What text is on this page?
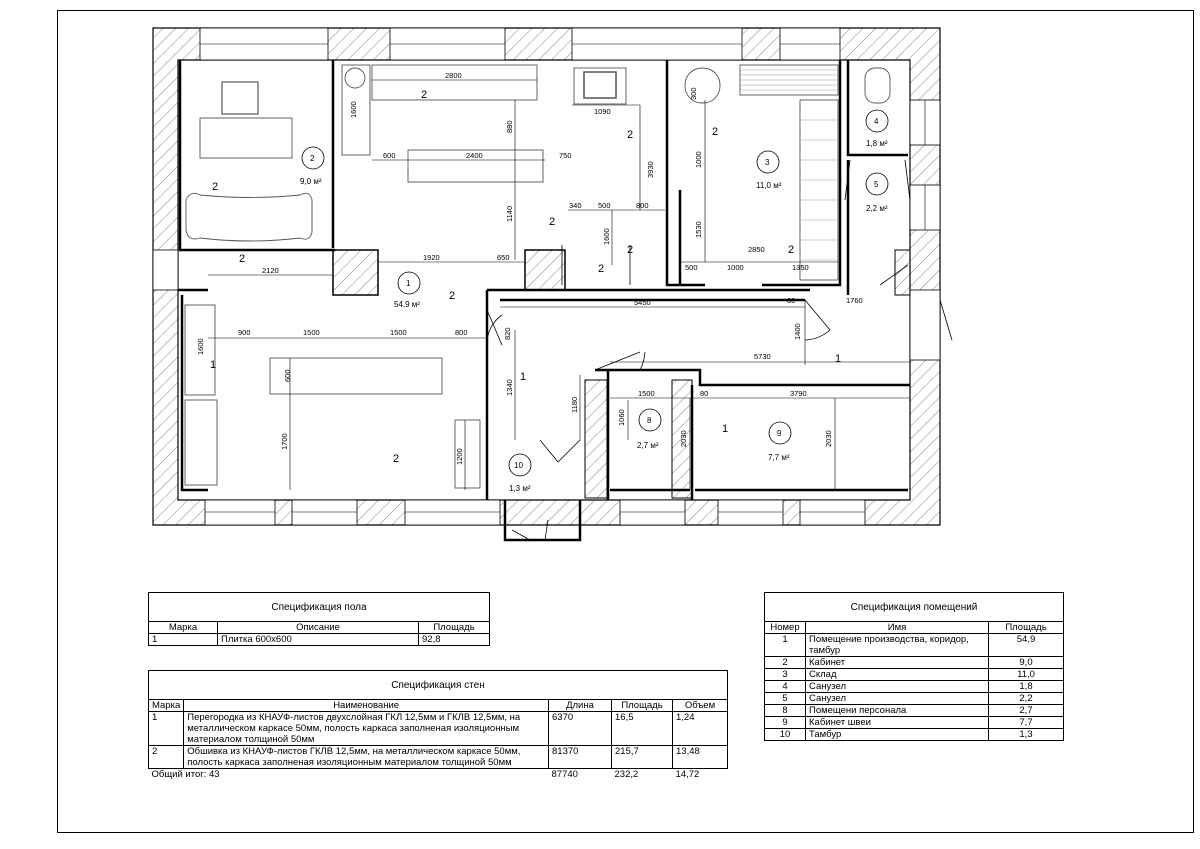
2800
1600	1090
300
880
600	2400	750
3930
1000
1530
340 500	800
1140
1600
1920	650
2120
2850
500	1000	1350
5450	80	1760
1400
820
5730
900	1500	1500	800
1600
600
1340
1180
1500	80	3790
1060
2030	2030
1700
1200
2
2	2
2
2
2
2
2
2
2
2
1
1
1
1
1
54,9 м²
2
9,0 м²
3
11,0 м²
4
1,8 м²
5
2,2 м²
8
2,7 м²
9
7,7 м²
10
1,3 м²
Спецификация пола		
Марка	Описание	Площадь
1	Плитка 600х600	92,8
Спецификация стен				
Марка	Наименование	Длина	Площадь	Объем
1	Перегородка из КНАУФ-листов двухслойная ГКЛ 12,5мм и ГКЛВ 12,5мм, на металлическом каркасе 50мм, полость каркаса заполненая изоляционным материалом толщиной 50мм	6370	16,5	1,24
2	Обшивка из КНАУФ-листов ГКЛВ 12,5мм, на металлическом каркасе 50мм, полость каркаса заполненая изоляционным материалом толщиной 50мм	81370	215,7	13,48
Общий итог: 43		87740	232,2	14,72
Спецификация помещений		
Номер	Имя	Площадь
1	Помещение производства, коридор, тамбур	54,9
2	Кабинет	9,0
3	Склад	11,0
4	Санузел	1,8
5	Санузел	2,2
8	Помещени персонала	2,7
9	Кабинет швеи	7,7
10	Тамбур	1,3
